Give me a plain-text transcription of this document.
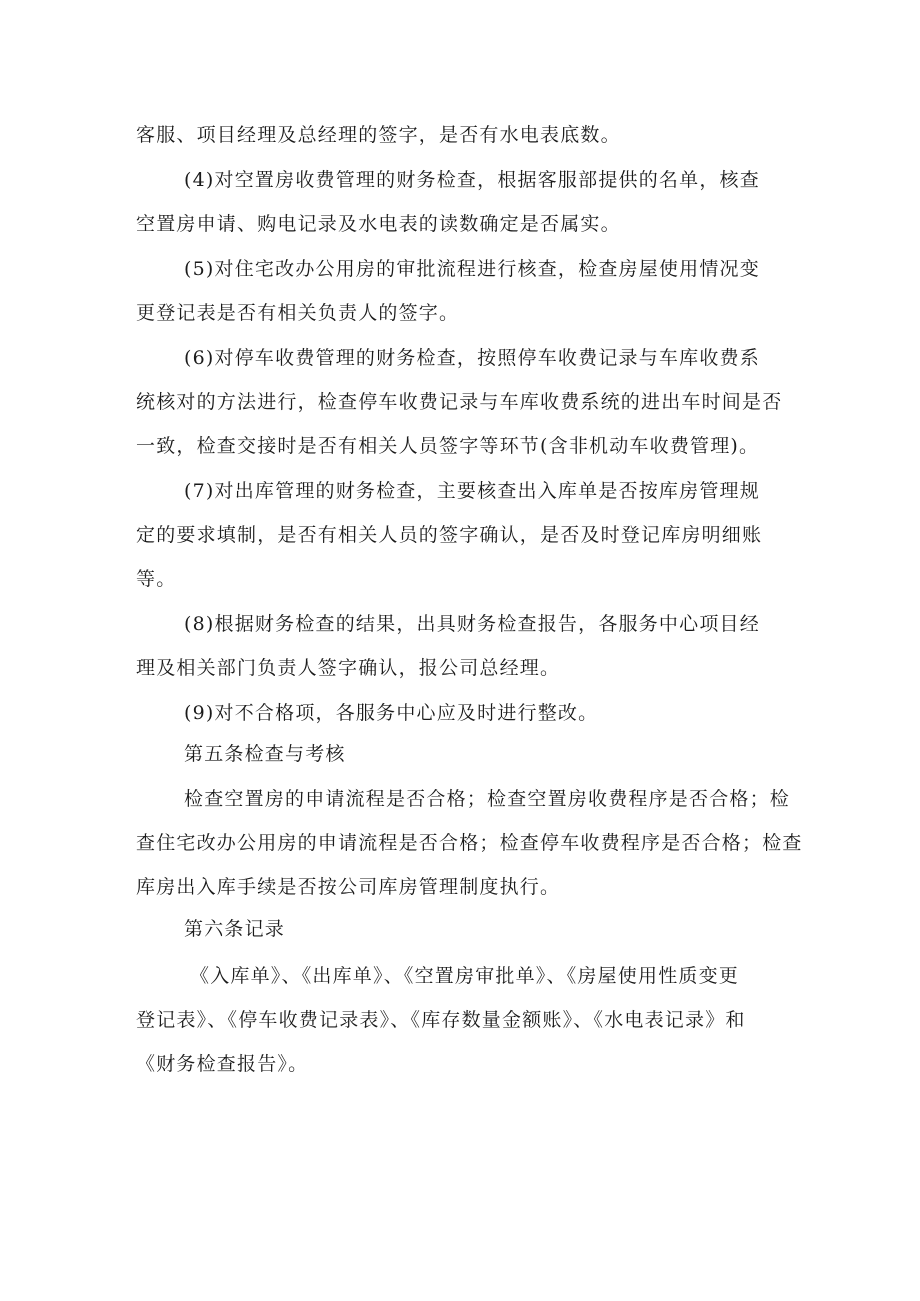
客服、项目经理及总经理的签字，是否有水电表底数。
(4)对空置房收费管理的财务检查，根据客服部提供的名单，核查
空置房申请、购电记录及水电表的读数确定是否属实。
(5)对住宅改办公用房的审批流程进行核查，检查房屋使用情况变
更登记表是否有相关负责人的签字。
(6)对停车收费管理的财务检查，按照停车收费记录与车库收费系
统核对的方法进行，检查停车收费记录与车库收费系统的进出车时间是否
一致，检查交接时是否有相关人员签字等环节(含非机动车收费管理)。
(7)对出库管理的财务检查，主要核查出入库单是否按库房管理规
定的要求填制，是否有相关人员的签字确认，是否及时登记库房明细账
等。
(8)根据财务检查的结果，出具财务检查报告，各服务中心项目经
理及相关部门负责人签字确认，报公司总经理。
(9)对不合格项，各服务中心应及时进行整改。
第五条检查与考核
检查空置房的申请流程是否合格；检查空置房收费程序是否合格；检
查住宅改办公用房的申请流程是否合格；检查停车收费程序是否合格；检查
库房出入库手续是否按公司库房管理制度执行。
第六条记录
《入库单》、《出库单》、《空置房审批单》、《房屋使用性质变更
登记表》、《停车收费记录表》、《库存数量金额账》、《水电表记录》和
《财务检查报告》。
